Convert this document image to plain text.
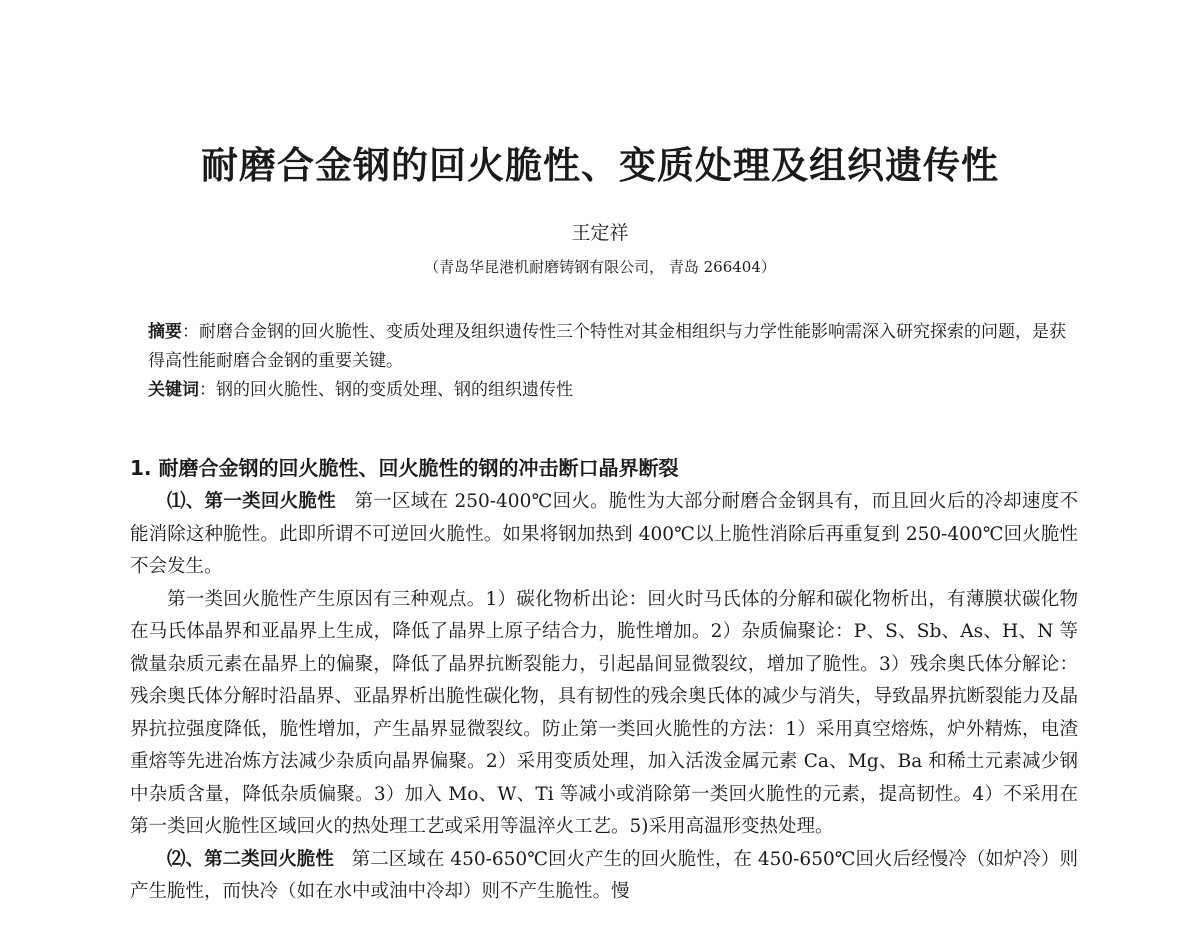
耐磨合金钢的回火脆性、变质处理及组织遗传性
王定祥
（青岛华昆港机耐磨铸钢有限公司， 青岛 266404）

摘要：耐磨合金钢的回火脆性、变质处理及组织遗传性三个特性对其金相组织与力学性能影响需深入研究探索的问题，是获得高性能耐磨合金钢的重要关键。

关键词：钢的回火脆性、钢的变质处理、钢的组织遗传性

1. 耐磨合金钢的回火脆性、回火脆性的钢的冲击断口晶界断裂

⑴、第一类回火脆性 第一区域在 250-400℃回火。脆性为大部分耐磨合金钢具有，而且回火后的冷却速度不能消除这种脆性。此即所谓不可逆回火脆性。如果将钢加热到 400℃以上脆性消除后再重复到 250-400℃回火脆性不会发生。

第一类回火脆性产生原因有三种观点。1）碳化物析出论：回火时马氏体的分解和碳化物析出，有薄膜状碳化物在马氏体晶界和亚晶界上生成，降低了晶界上原子结合力，脆性增加。2）杂质偏聚论：P、S、Sb、As、H、N 等微量杂质元素在晶界上的偏聚，降低了晶界抗断裂能力，引起晶间显微裂纹，增加了脆性。3）残余奥氏体分解论：残余奥氏体分解时沿晶界、亚晶界析出脆性碳化物，具有韧性的残余奥氏体的减少与消失，导致晶界抗断裂能力及晶界抗拉强度降低，脆性增加，产生晶界显微裂纹。防止第一类回火脆性的方法：1）采用真空熔炼，炉外精炼，电渣重熔等先进冶炼方法减少杂质向晶界偏聚。2）采用变质处理，加入活泼金属元素 Ca、Mg、Ba 和稀土元素减少钢中杂质含量，降低杂质偏聚。3）加入 Mo、W、Ti 等减小或消除第一类回火脆性的元素，提高韧性。4）不采用在第一类回火脆性区域回火的热处理工艺或采用等温淬火工艺。5)采用高温形变热处理。

⑵、第二类回火脆性 第二区域在 450-650℃回火产生的回火脆性，在 450-650℃回火后经慢冷（如炉冷）则产生脆性，而快冷（如在水中或油中冷却）则不产生脆性。慢
